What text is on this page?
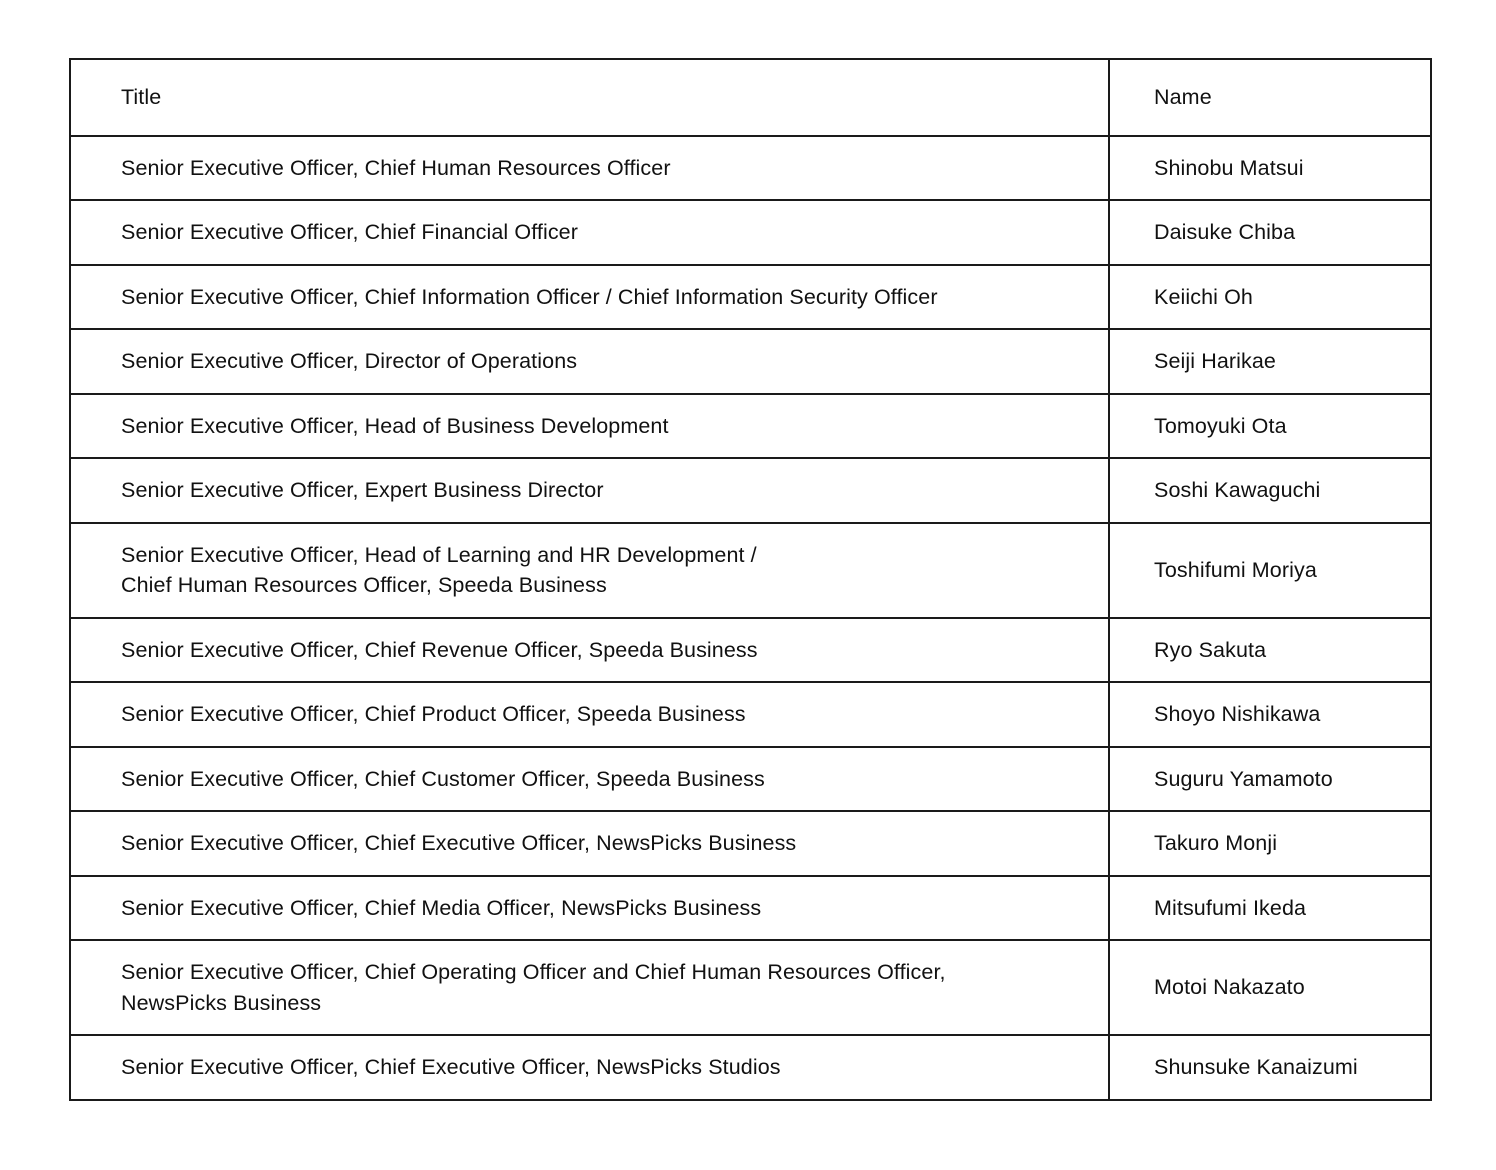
Title	Name

Senior Executive Officer, Chief Human Resources Officer	Shinobu Matsui

Senior Executive Officer, Chief Financial Officer	Daisuke Chiba

Senior Executive Officer, Chief Information Officer / Chief Information Security Officer	Keiichi Oh

Senior Executive Officer, Director of Operations	Seiji Harikae

Senior Executive Officer, Head of Business Development	Tomoyuki Ota

Senior Executive Officer, Expert Business Director	Soshi Kawaguchi

Senior Executive Officer, Head of Learning and HR Development /
Chief Human Resources Officer, Speeda Business	Toshifumi Moriya

Senior Executive Officer, Chief Revenue Officer, Speeda Business	Ryo Sakuta

Senior Executive Officer, Chief Product Officer, Speeda Business	Shoyo Nishikawa

Senior Executive Officer, Chief Customer Officer, Speeda Business	Suguru Yamamoto

Senior Executive Officer, Chief Executive Officer, NewsPicks Business	Takuro Monji

Senior Executive Officer, Chief Media Officer, NewsPicks Business	Mitsufumi Ikeda

Senior Executive Officer, Chief Operating Officer and Chief Human Resources Officer,
NewsPicks Business	Motoi Nakazato

Senior Executive Officer, Chief Executive Officer, NewsPicks Studios	Shunsuke Kanaizumi
